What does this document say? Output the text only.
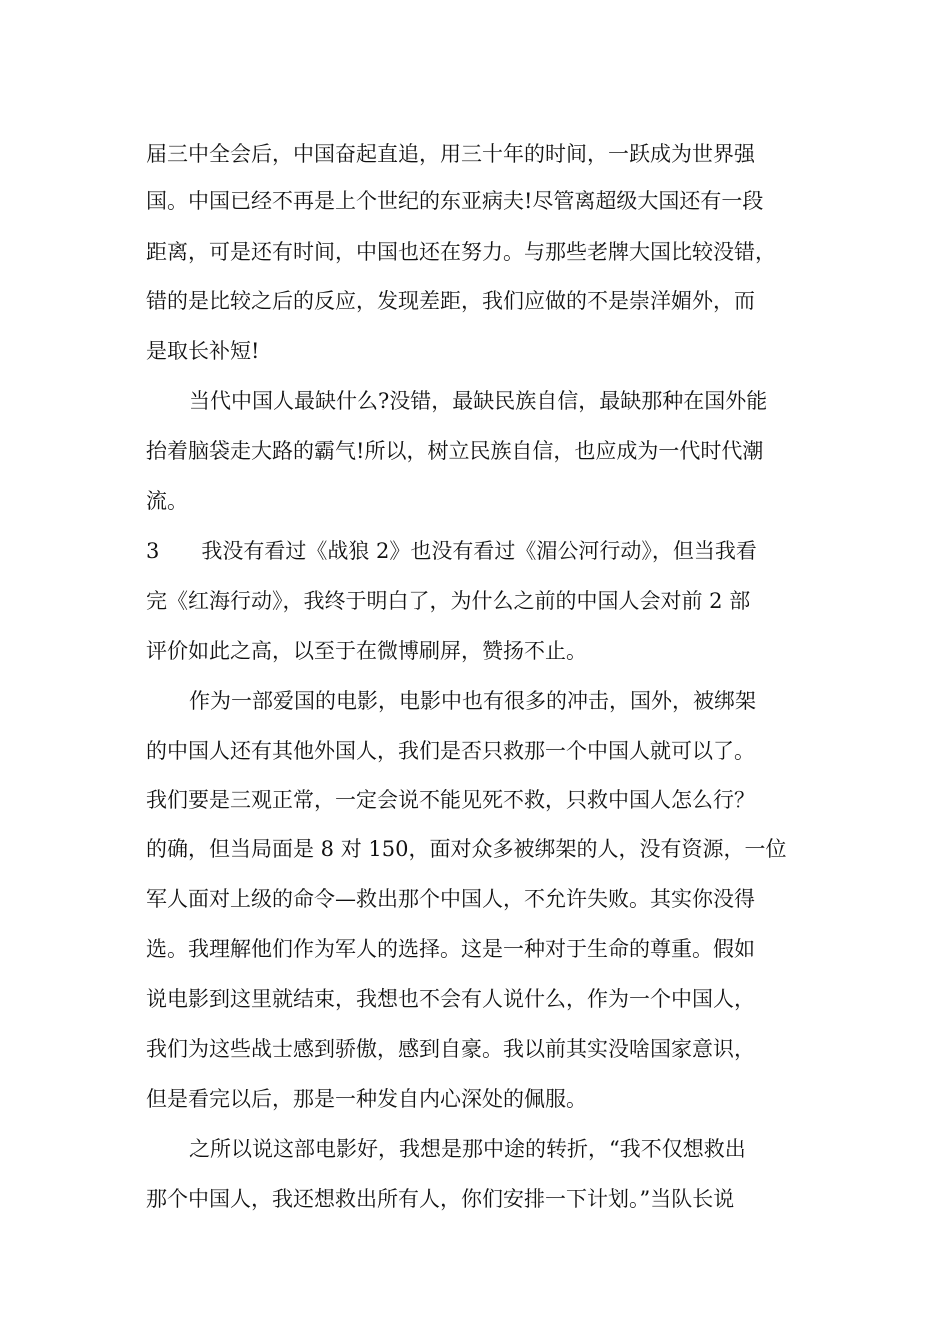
届三中全会后，中国奋起直追，用三十年的时间，一跃成为世界强
国。中国已经不再是上个世纪的东亚病夫!尽管离超级大国还有一段
距离，可是还有时间，中国也还在努力。与那些老牌大国比较没错，
错的是比较之后的反应，发现差距，我们应做的不是崇洋媚外，而
是取长补短!
当代中国人最缺什么?没错，最缺民族自信，最缺那种在国外能
抬着脑袋走大路的霸气!所以，树立民族自信，也应成为一代时代潮
流。
3　　我没有看过《战狼 2》也没有看过《湄公河行动》，但当我看
完《红海行动》，我终于明白了，为什么之前的中国人会对前 2 部
评价如此之高，以至于在微博刷屏，赞扬不止。
作为一部爱国的电影，电影中也有很多的冲击，国外，被绑架
的中国人还有其他外国人，我们是否只救那一个中国人就可以了。
我们要是三观正常，一定会说不能见死不救，只救中国人怎么行？
的确，但当局面是 8 对 150，面对众多被绑架的人，没有资源，一位
军人面对上级的命令—救出那个中国人，不允许失败。其实你没得
选。我理解他们作为军人的选择。这是一种对于生命的尊重。假如
说电影到这里就结束，我想也不会有人说什么，作为一个中国人，
我们为这些战士感到骄傲，感到自豪。我以前其实没啥国家意识，
但是看完以后，那是一种发自内心深处的佩服。
之所以说这部电影好，我想是那中途的转折，“我不仅想救出
那个中国人，我还想救出所有人，你们安排一下计划。”当队长说
